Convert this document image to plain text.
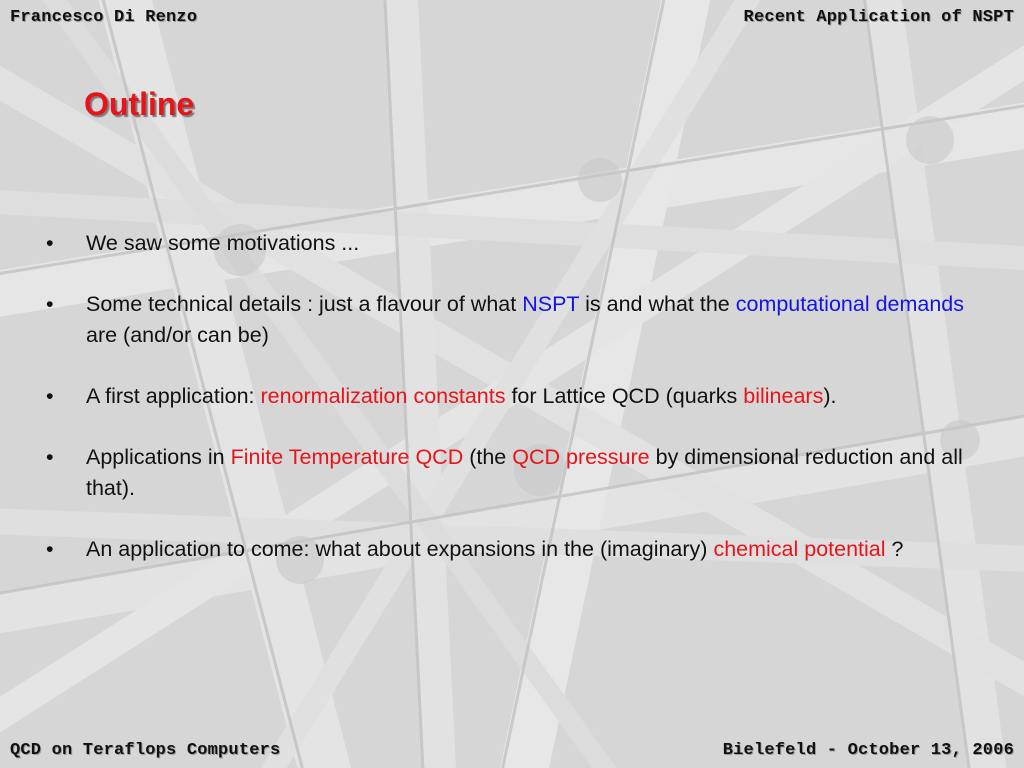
Francesco Di Renzo	Recent Application of NSPT
Outline
• We saw some motivations ...
• Some technical details : just a flavour of what NSPT is and what the computational demands are (and/or can be)
• A first application: renormalization constants for Lattice QCD (quarks bilinears).
• Applications in Finite Temperature QCD (the QCD pressure by dimensional reduction and all that).
• An application to come: what about expansions in the (imaginary) chemical potential ?
QCD on Teraflops Computers	Bielefeld - October 13, 2006
